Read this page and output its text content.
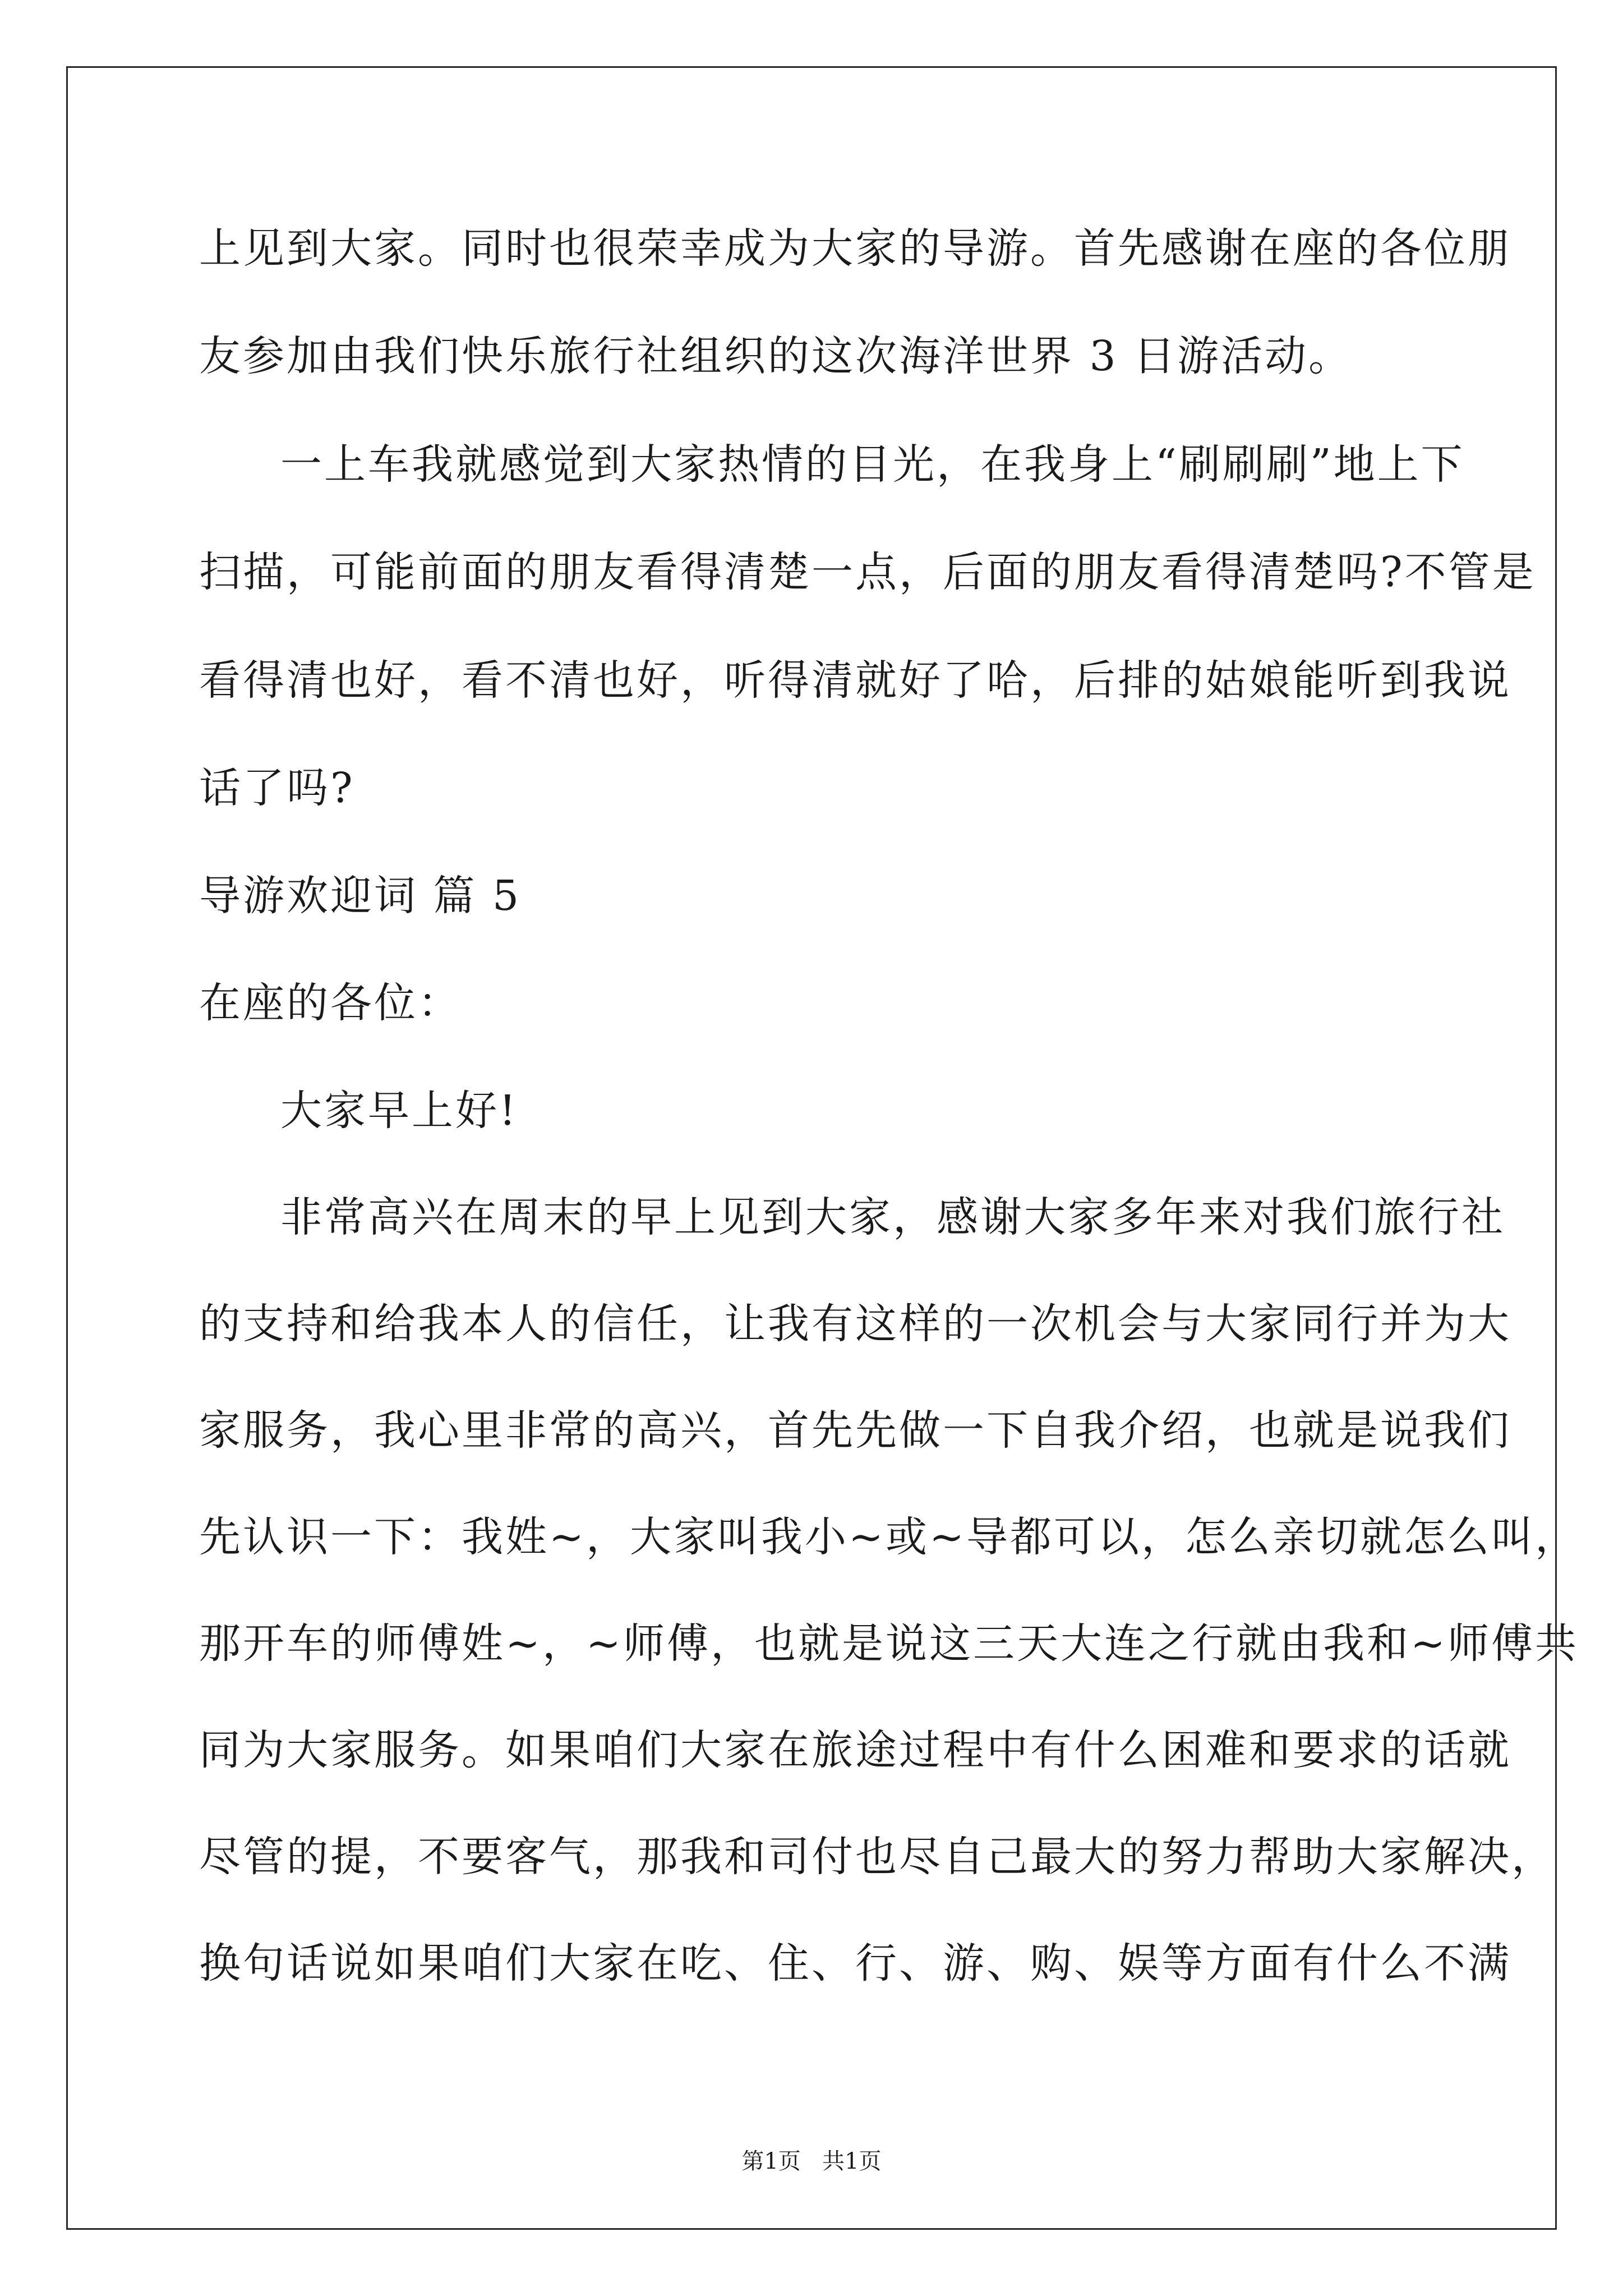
上见到大家。同时也很荣幸成为大家的导游。首先感谢在座的各位朋
友参加由我们快乐旅行社组织的这次海洋世界 3 日游活动。
一上车我就感觉到大家热情的目光，在我身上“刷刷刷”地上下
扫描，可能前面的朋友看得清楚一点，后面的朋友看得清楚吗?不管是
看得清也好，看不清也好，听得清就好了哈，后排的姑娘能听到我说
话了吗?
导游欢迎词 篇 5
在座的各位：
大家早上好!
非常高兴在周末的早上见到大家，感谢大家多年来对我们旅行社
的支持和给我本人的信任，让我有这样的一次机会与大家同行并为大
家服务，我心里非常的高兴，首先先做一下自我介绍，也就是说我们
先认识一下：我姓~，大家叫我小~或~导都可以，怎么亲切就怎么叫，
那开车的师傅姓~，~师傅，也就是说这三天大连之行就由我和~师傅共
同为大家服务。如果咱们大家在旅途过程中有什么困难和要求的话就
尽管的提，不要客气，那我和司付也尽自己最大的努力帮助大家解决，
换句话说如果咱们大家在吃、住、行、游、购、娱等方面有什么不满
第1页   共1页
